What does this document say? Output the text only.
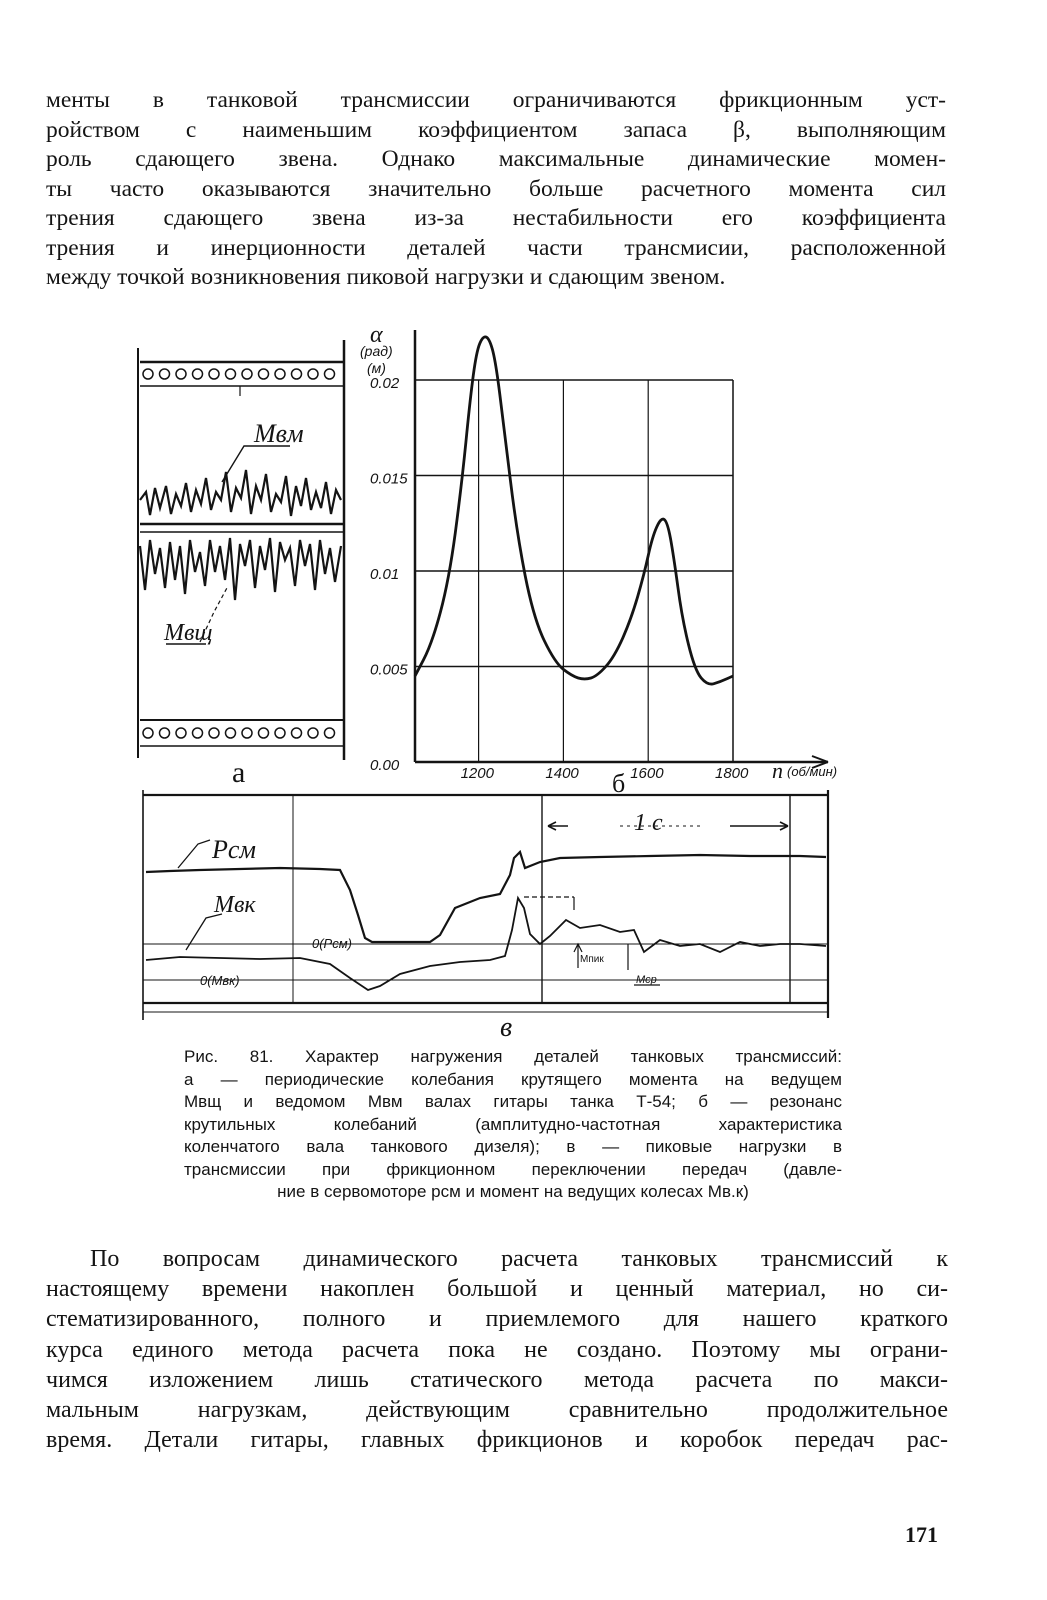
менты в танковой трансмиссии ограничиваются фрикционным уст-
ройством с наименьшим коэффициентом запаса β, выполняющим
роль сдающего звена. Однако максимальные динамические момен-
ты часто оказываются значительно больше расчетного момента сил
трения сдающего звена из-за нестабильности его коэффициента
трения и инерционности деталей части трансмисии, расположенной
между точкой возникновения пиковой нагрузки и сдающим звеном.

Мвм
Мвщ
а	0.00
0.005
0.01
0.015
0.02
1200	1400	1600	1800
α
(рад)
(м)
n (об/мин)
б
Pсм
Мвк
0(Pсм)
0(Мвк)
1 с
Мпик
Мср
в

Рис. 81. Характер нагружения деталей танковых трансмиссий:
а — периодические колебания крутящего момента на ведущем
Мвщ и ведомом Мвм валах гитары танка Т-54; б — резонанс
крутильных колебаний (амплитудно-частотная характеристика
коленчатого вала танкового дизеля); в — пиковые нагрузки в
трансмиссии при фрикционном переключении передач (давле-
ние в сервомоторе pсм и момент на ведущих колесах Мв.к)

По вопросам динамического расчета танковых трансмиссий к
настоящему времени накоплен большой и ценный материал, но си-
стематизированного, полного и приемлемого для нашего краткого
курса единого метода расчета пока не создано. Поэтому мы ограни-
чимся изложением лишь статического метода расчета по макси-
мальным нагрузкам, действующим сравнительно продолжительное
время. Детали гитары, главных фрикционов и коробок передач рас-

171
